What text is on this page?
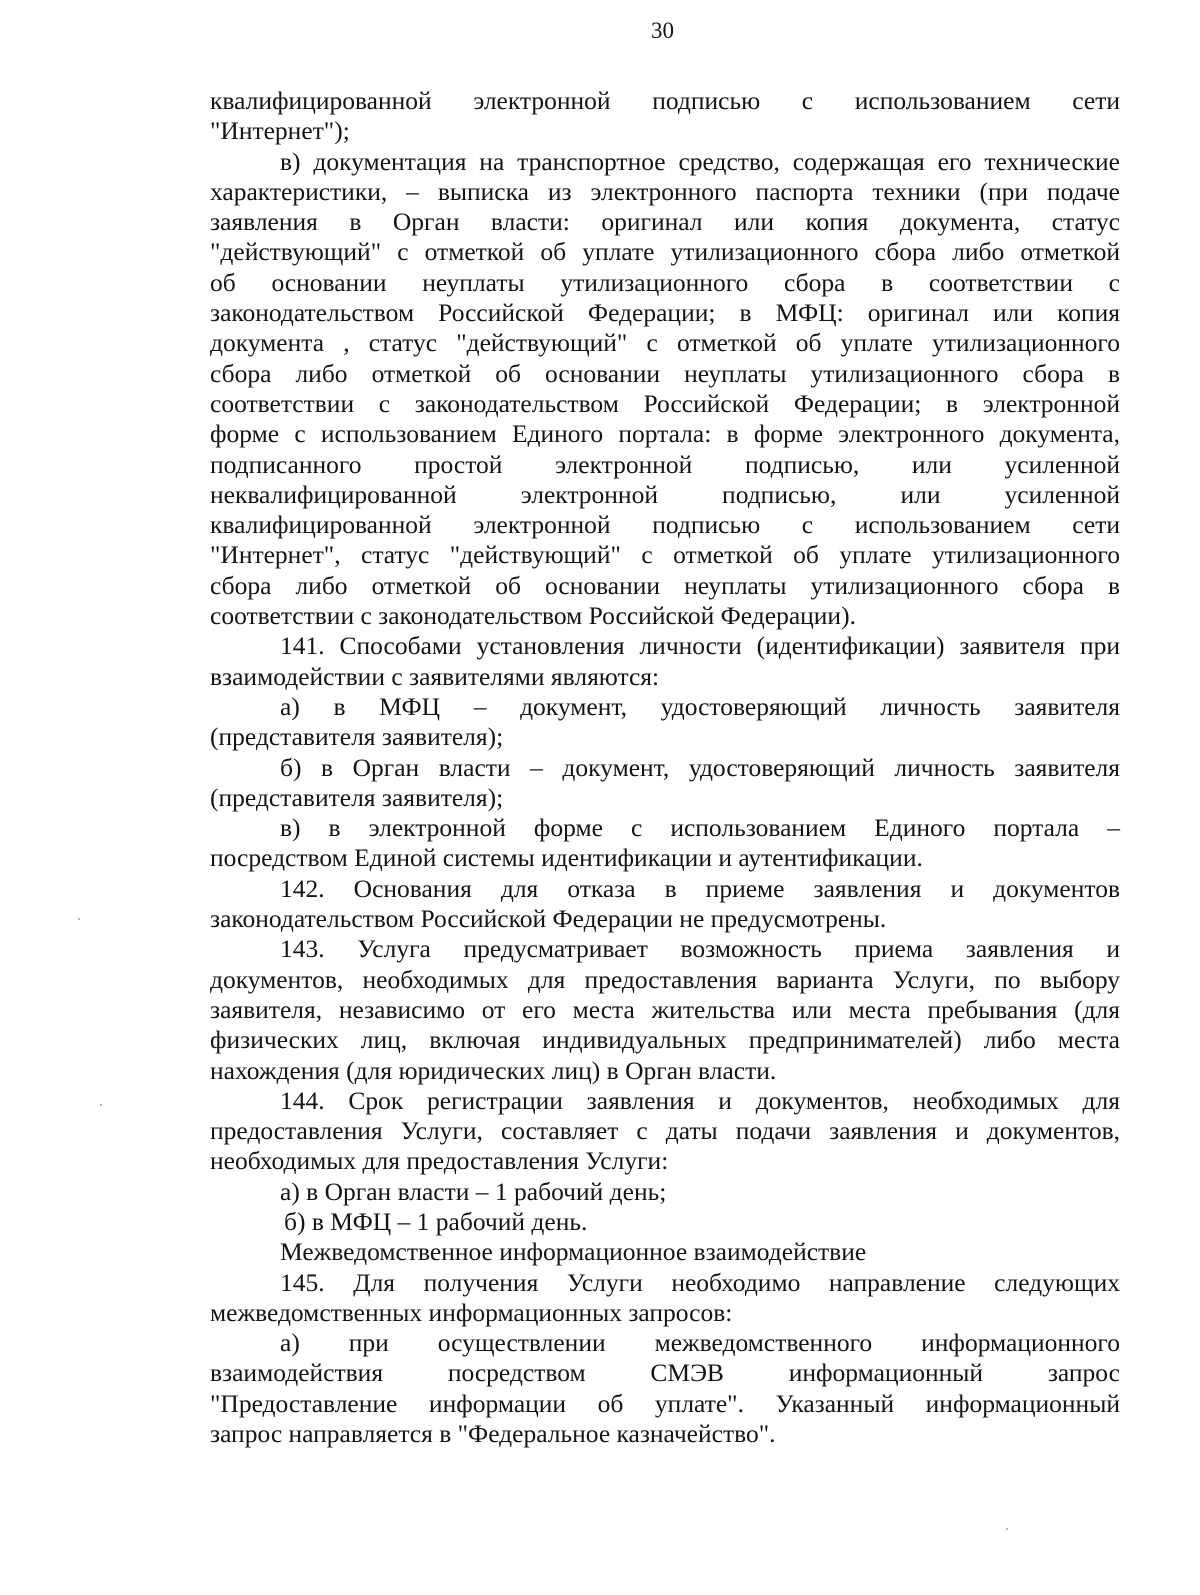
30
квалифицированной электронной подписью с использованием сети
"Интернет");
в) документация на транспортное средство, содержащая его технические
характеристики, – выписка из электронного паспорта техники (при подаче
заявления в Орган власти: оригинал или копия документа, статус
"действующий" с отметкой об уплате утилизационного сбора либо отметкой
об основании неуплаты утилизационного сбора в соответствии с
законодательством Российской Федерации; в МФЦ: оригинал или копия
документа , статус "действующий" с отметкой об уплате утилизационного
сбора либо отметкой об основании неуплаты утилизационного сбора в
соответствии с законодательством Российской Федерации; в электронной
форме с использованием Единого портала: в форме электронного документа,
подписанного простой электронной подписью, или усиленной
неквалифицированной электронной подписью, или усиленной
квалифицированной электронной подписью с использованием сети
"Интернет", статус "действующий" с отметкой об уплате утилизационного
сбора либо отметкой об основании неуплаты утилизационного сбора в
соответствии с законодательством Российской Федерации).
141. Способами установления личности (идентификации) заявителя при
взаимодействии с заявителями являются:
а) в МФЦ – документ, удостоверяющий личность заявителя
(представителя заявителя);
б) в Орган власти – документ, удостоверяющий личность заявителя
(представителя заявителя);
в) в электронной форме с использованием Единого портала –
посредством Единой системы идентификации и аутентификации.
142. Основания для отказа в приеме заявления и документов
законодательством Российской Федерации не предусмотрены.
143. Услуга предусматривает возможность приема заявления и
документов, необходимых для предоставления варианта Услуги, по выбору
заявителя, независимо от его места жительства или места пребывания (для
физических лиц, включая индивидуальных предпринимателей) либо места
нахождения (для юридических лиц) в Орган власти.
144. Срок регистрации заявления и документов, необходимых для
предоставления Услуги, составляет с даты подачи заявления и документов,
необходимых для предоставления Услуги:
а) в Орган власти – 1 рабочий день;
б) в МФЦ – 1 рабочий день.
Межведомственное информационное взаимодействие
145. Для получения Услуги необходимо направление следующих
межведомственных информационных запросов:
а) при осуществлении межведомственного информационного
взаимодействия посредством СМЭВ информационный запрос
"Предоставление информации об уплате". Указанный информационный
запрос направляется в "Федеральное казначейство".
